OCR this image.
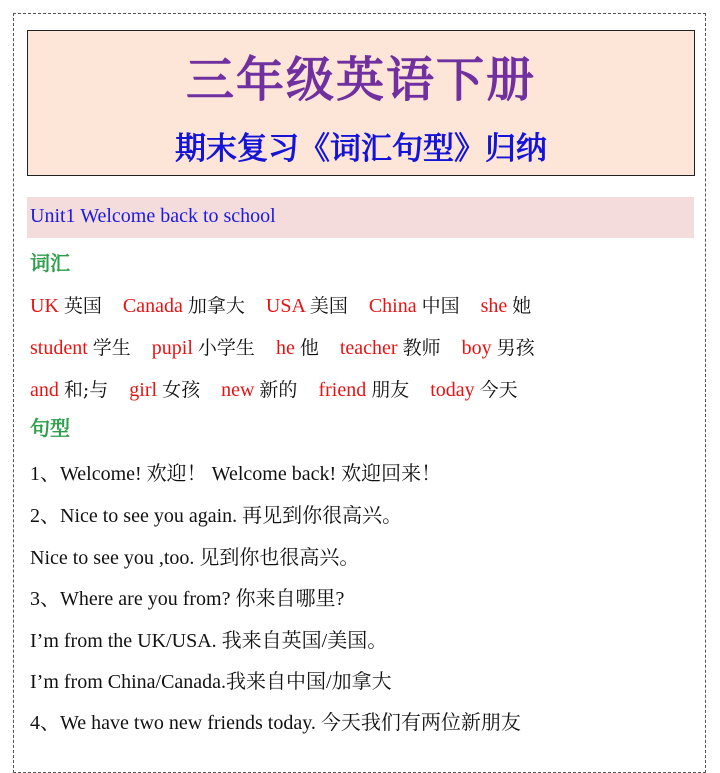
三年级英语下册
期末复习《词汇句型》归纳
Unit1 Welcome back to school
词汇
UK 英国 Canada 加拿大 USA 美国 China 中国 she 她
student 学生 pupil 小学生 he 他 teacher 教师 boy 男孩
and 和;与 girl 女孩 new 新的 friend 朋友 today 今天
句型
1、Welcome! 欢迎！ Welcome back! 欢迎回来！
2、Nice to see you again. 再见到你很高兴。
Nice to see you ,too. 见到你也很高兴。
3、Where are you from? 你来自哪里?
I’m from the UK/USA. 我来自英国/美国。
I’m from China/Canada.我来自中国/加拿大
4、We have two new friends today. 今天我们有两位新朋友
